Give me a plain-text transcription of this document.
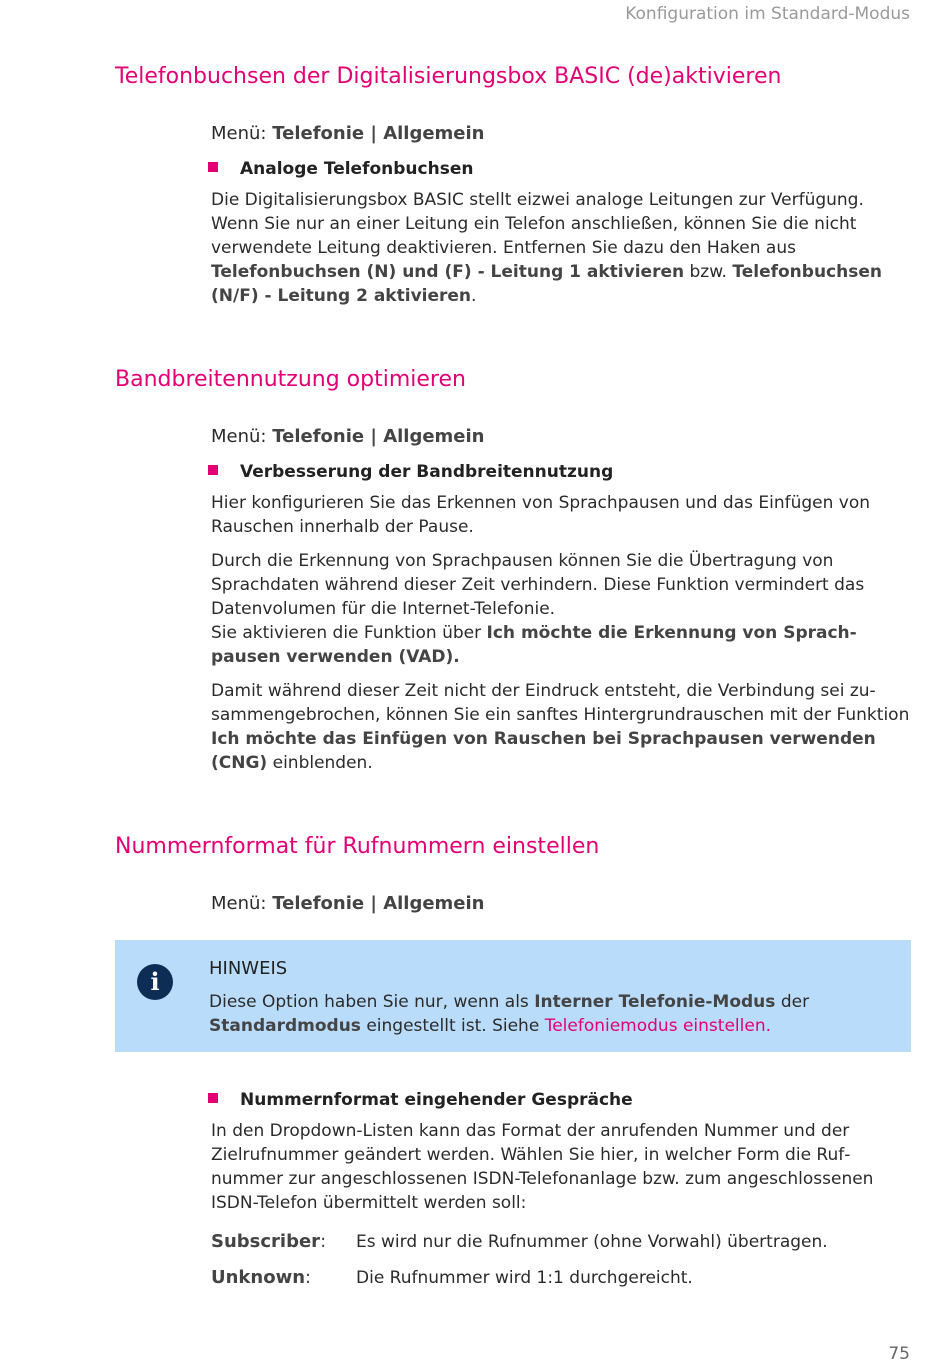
Konfiguration im Standard-Modus
Telefonbuchsen der Digitalisierungsbox BASIC (de)aktivieren
Menü: Telefonie | Allgemein
Analoge Telefonbuchsen

Die Digitalisierungsbox BASIC stellt eizwei analoge Leitungen zur Verfügung. Wenn Sie nur an einer Leitung ein Telefon anschließen, können Sie die nicht verwendete Leitung deaktivieren. Entfernen Sie dazu den Haken aus Telefonbuchsen (N) und (F) - Leitung 1 aktivieren bzw. Telefonbuchsen (N/F) - Leitung 2 aktivieren.

Bandbreitennutzung optimieren
Menü: Telefonie | Allgemein
Verbesserung der Bandbreitennutzung

Hier konfigurieren Sie das Erkennen von Sprachpausen und das Einfügen von Rauschen innerhalb der Pause.

Durch die Erkennung von Sprachpausen können Sie die Übertragung von Sprachdaten während dieser Zeit verhindern. Diese Funktion vermindert das Datenvolumen für die Internet-Telefonie.
Sie aktivieren die Funktion über Ich möchte die Erkennung von Sprachpausen verwenden (VAD).

Damit während dieser Zeit nicht der Eindruck entsteht, die Verbindung sei zusammengebrochen, können Sie ein sanftes Hintergrundrauschen mit der Funktion Ich möchte das Einfügen von Rauschen bei Sprachpausen verwenden (CNG) einblenden.

Nummernformat für Rufnummern einstellen
Menü: Telefonie | Allgemein
i	HINWEIS
Diese Option haben Sie nur, wenn als Interner Telefonie-Modus der Standardmodus eingestellt ist. Siehe Telefoniemodus einstellen.
Nummernformat eingehender Gespräche

In den Dropdown-Listen kann das Format der anrufenden Nummer und der Zielrufnummer geändert werden. Wählen Sie hier, in welcher Form die Rufnummer zur angeschlossenen ISDN-Telefonanlage bzw. zum angeschlossenen ISDN-Telefon übermittelt werden soll:

Subscriber: Es wird nur die Rufnummer (ohne Vorwahl) übertragen.
Unknown:	Die Rufnummer wird 1:1 durchgereicht.
75
